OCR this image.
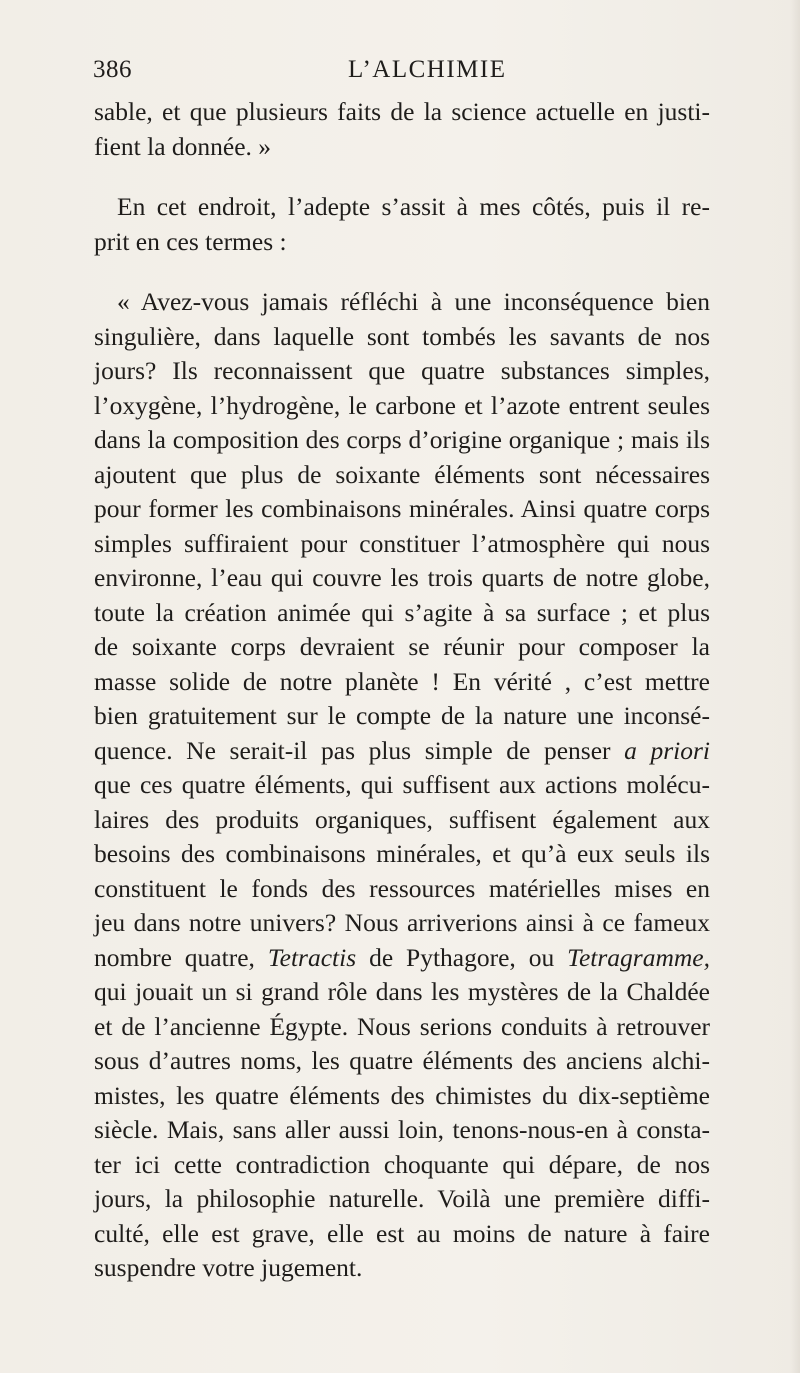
386	L’ALCHIMIE

sable, et que plusieurs faits de la science actuelle en justi-
fient la donnée. »

En cet endroit, l’adepte s’assit à mes côtés, puis il re-
prit en ces termes :

« Avez-vous jamais réfléchi à une inconséquence bien
singulière, dans laquelle sont tombés les savants de nos
jours? Ils reconnaissent que quatre substances simples,
l’oxygène, l’hydrogène, le carbone et l’azote entrent seules
dans la composition des corps d’origine organique ; mais ils
ajoutent que plus de soixante éléments sont nécessaires
pour former les combinaisons minérales. Ainsi quatre corps
simples suffiraient pour constituer l’atmosphère qui nous
environne, l’eau qui couvre les trois quarts de notre globe,
toute la création animée qui s’agite à sa surface ; et plus
de soixante corps devraient se réunir pour composer la
masse solide de notre planète ! En vérité , c’est mettre
bien gratuitement sur le compte de la nature une inconsé-
quence. Ne serait-il pas plus simple de penser a priori
que ces quatre éléments, qui suffisent aux actions molécu-
laires des produits organiques, suffisent également aux
besoins des combinaisons minérales, et qu’à eux seuls ils
constituent le fonds des ressources matérielles mises en
jeu dans notre univers? Nous arriverions ainsi à ce fameux
nombre quatre, Tetractis de Pythagore, ou Tetragramme,
qui jouait un si grand rôle dans les mystères de la Chaldée
et de l’ancienne Égypte. Nous serions conduits à retrouver
sous d’autres noms, les quatre éléments des anciens alchi-
mistes, les quatre éléments des chimistes du dix-septième
siècle. Mais, sans aller aussi loin, tenons-nous-en à consta-
ter ici cette contradiction choquante qui dépare, de nos
jours, la philosophie naturelle. Voilà une première diffi-
culté, elle est grave, elle est au moins de nature à faire
suspendre votre jugement.
